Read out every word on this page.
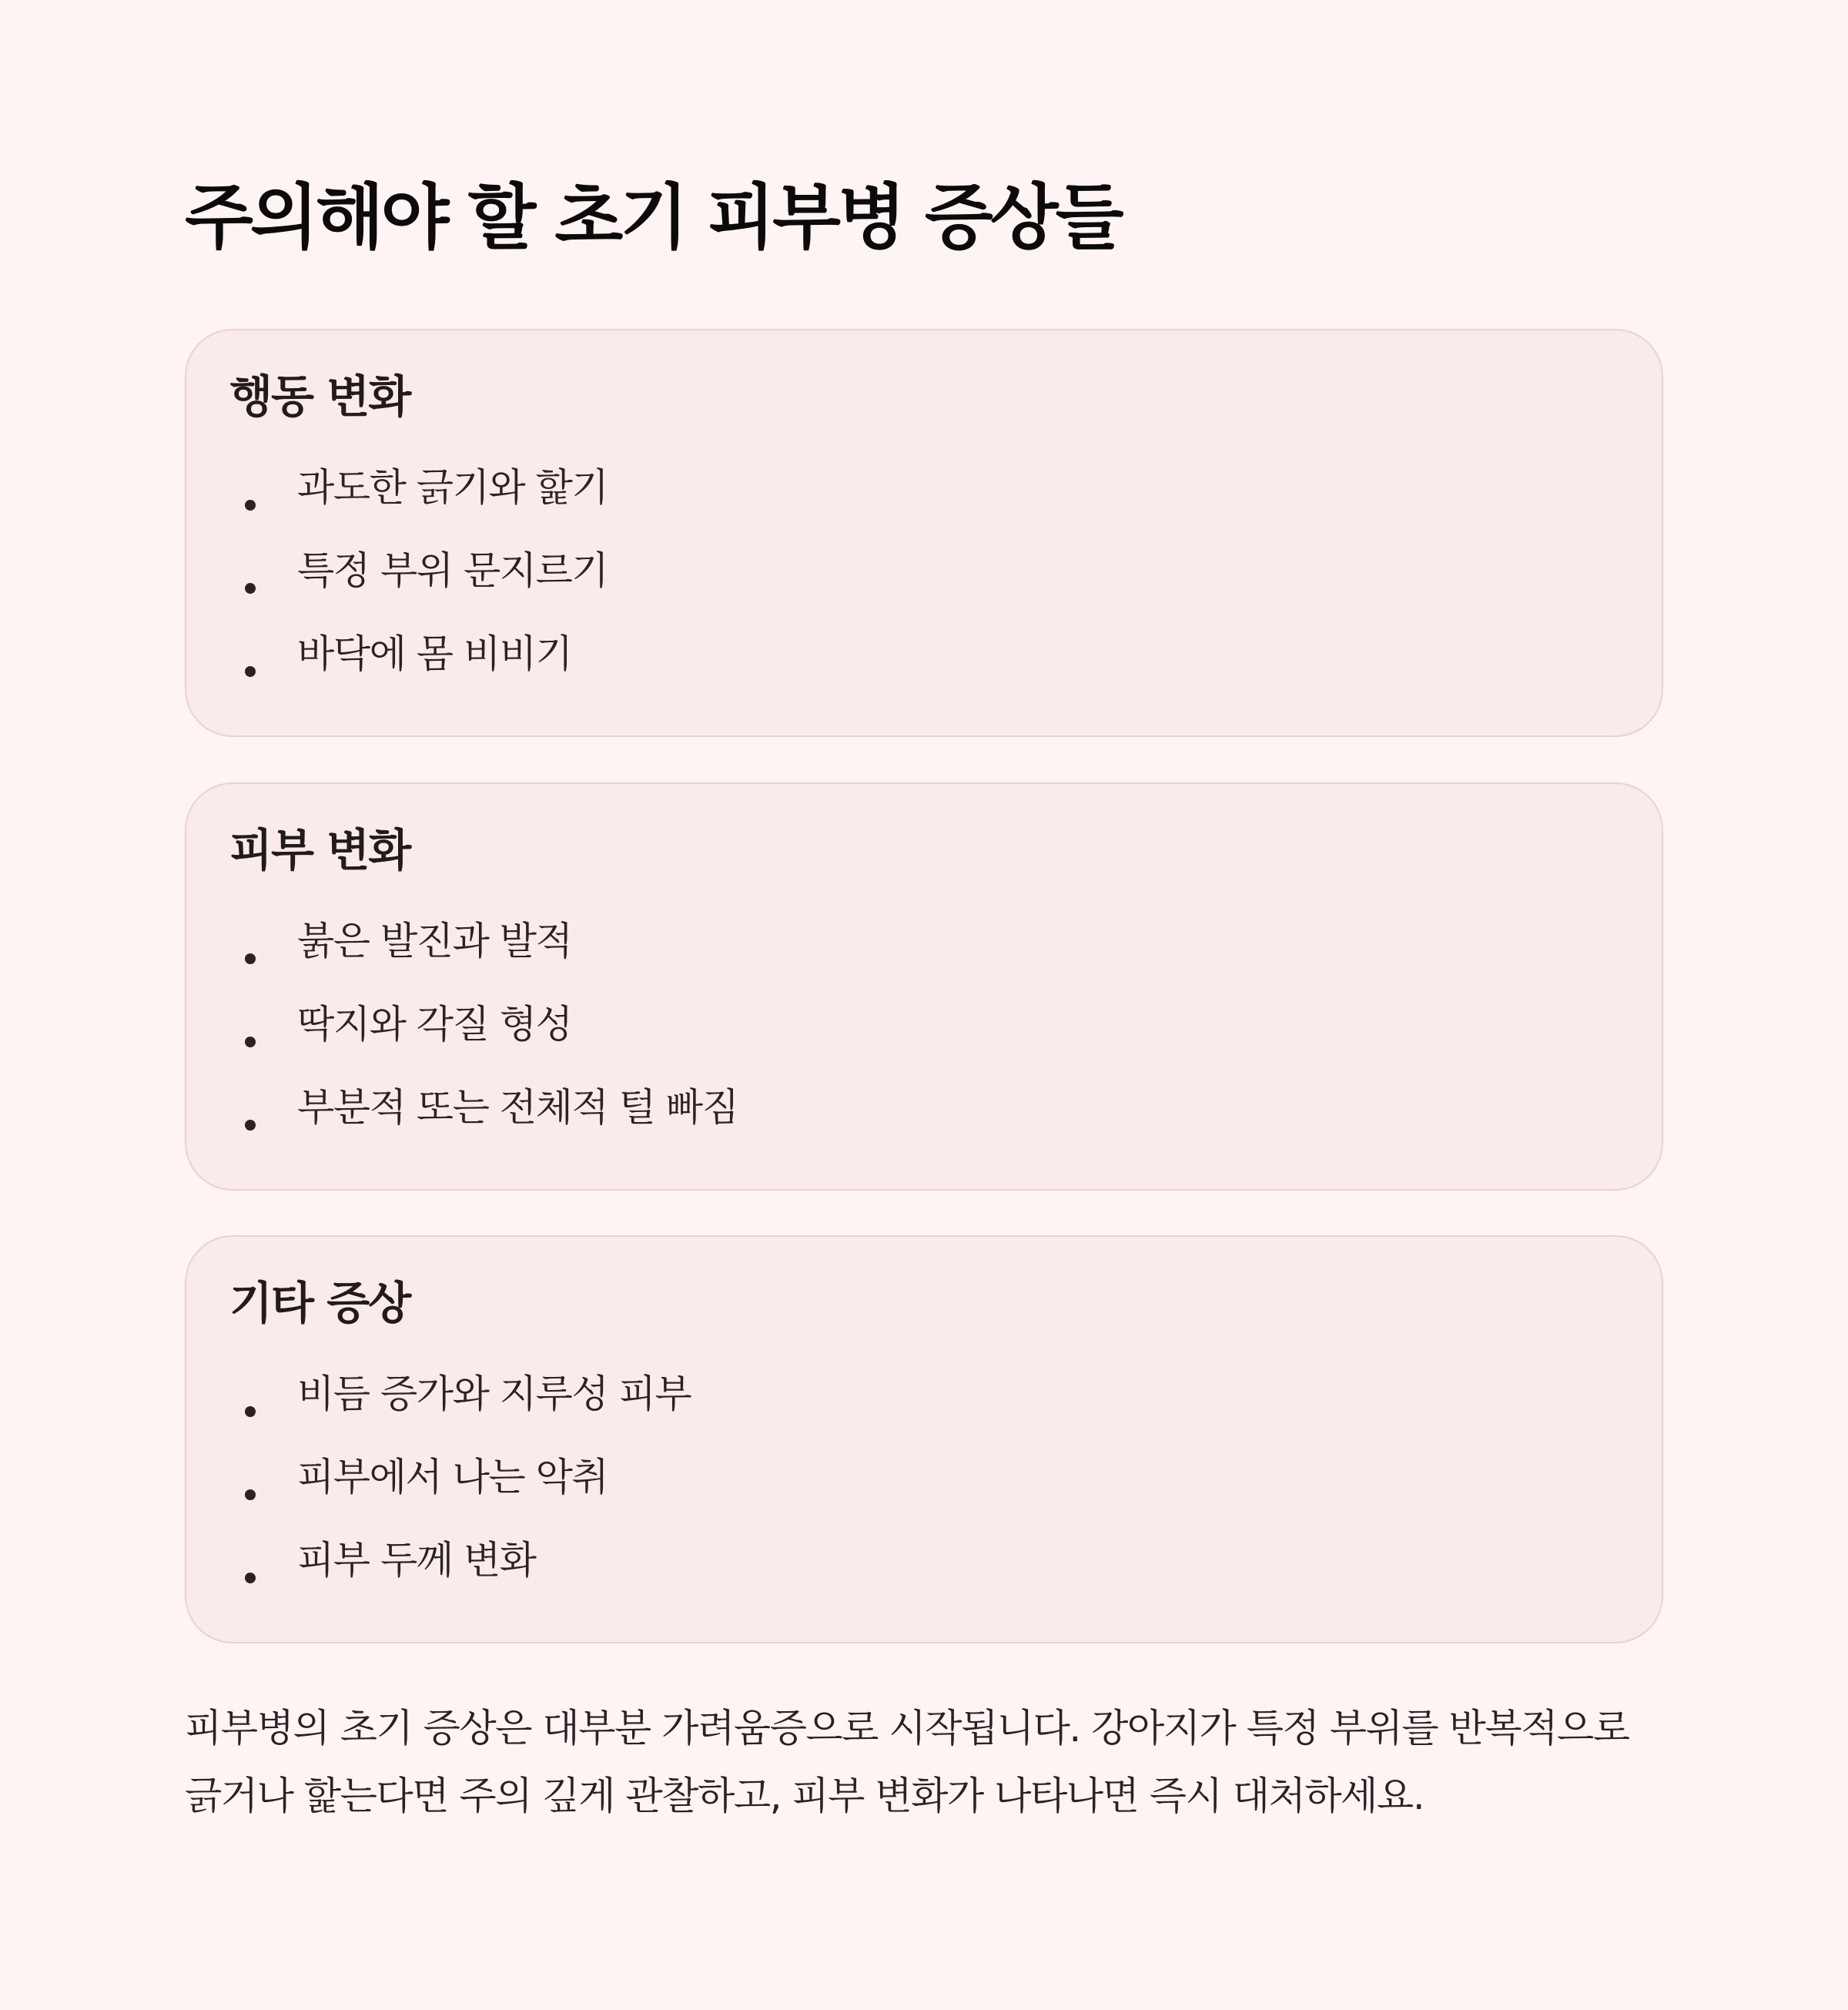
주의해야 할 초기 피부병 증상들
행동 변화
과도한 긁기와 핥기
특정 부위 문지르기
바닥에 몸 비비기
피부 변화
붉은 발진과 발적
딱지와 각질 형성
부분적 또는 전체적 털 빠짐
기타 증상
비듬 증가와 지루성 피부
피부에서 나는 악취
피부 두께 변화

피부병의 초기 증상은 대부분 가려움증으로 시작됩니다. 강아지가 특정 부위를 반복적으로 긁거나 핥는다면 주의 깊게 관찰하고, 피부 변화가 나타나면 즉시 대처하세요.
